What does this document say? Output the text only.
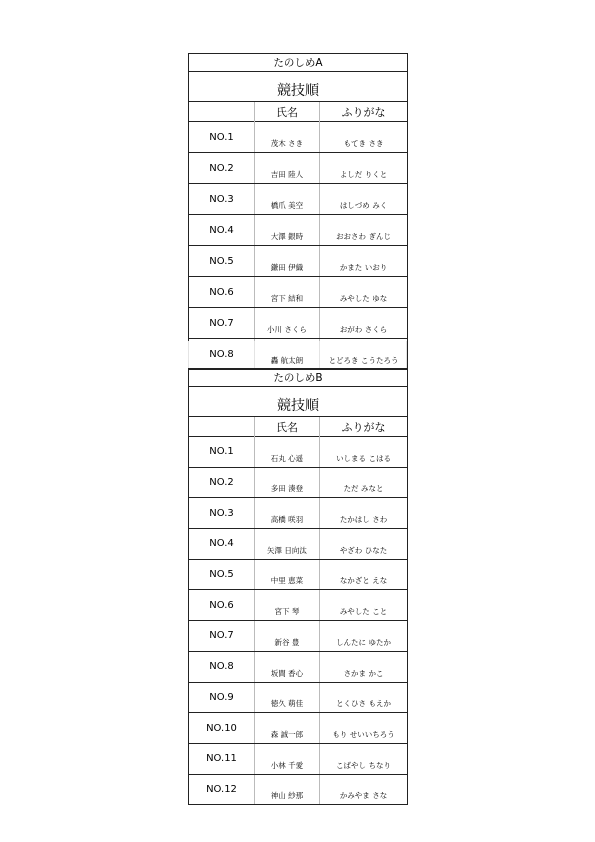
たのしめA		
競技順		
	氏名	ふりがな
NO.1	茂木 さき	もてき さき
NO.2	吉田 陸人	よしだ りくと
NO.3	橋爪 美空	はしづめ みく
NO.4	大澤 銀時	おおさわ ぎんじ
NO.5	鎌田 伊織	かまた いおり
NO.6	宮下 結和	みやした ゆな
NO.7	小川 さくら	おがわ さくら
NO.8	轟 航太朗	とどろき こうたろう
たのしめB		
競技順		
	氏名	ふりがな
NO.1	石丸 心遥	いしまる こはる
NO.2	多田 湊登	ただ みなと
NO.3	高橋 咲羽	たかはし さわ
NO.4	矢澤 日向汰	やざわ ひなた
NO.5	中里 恵菜	なかざと えな
NO.6	宮下 琴	みやした こと
NO.7	新谷 豊	しんたに ゆたか
NO.8	坂間 香心	さかま かこ
NO.9	徳久 萌佳	とくひさ もえか
NO.10	森 誠一郎	もり せいいちろう
NO.11	小林 千愛	こばやし ちなり
NO.12	神山 紗那	かみやま さな
